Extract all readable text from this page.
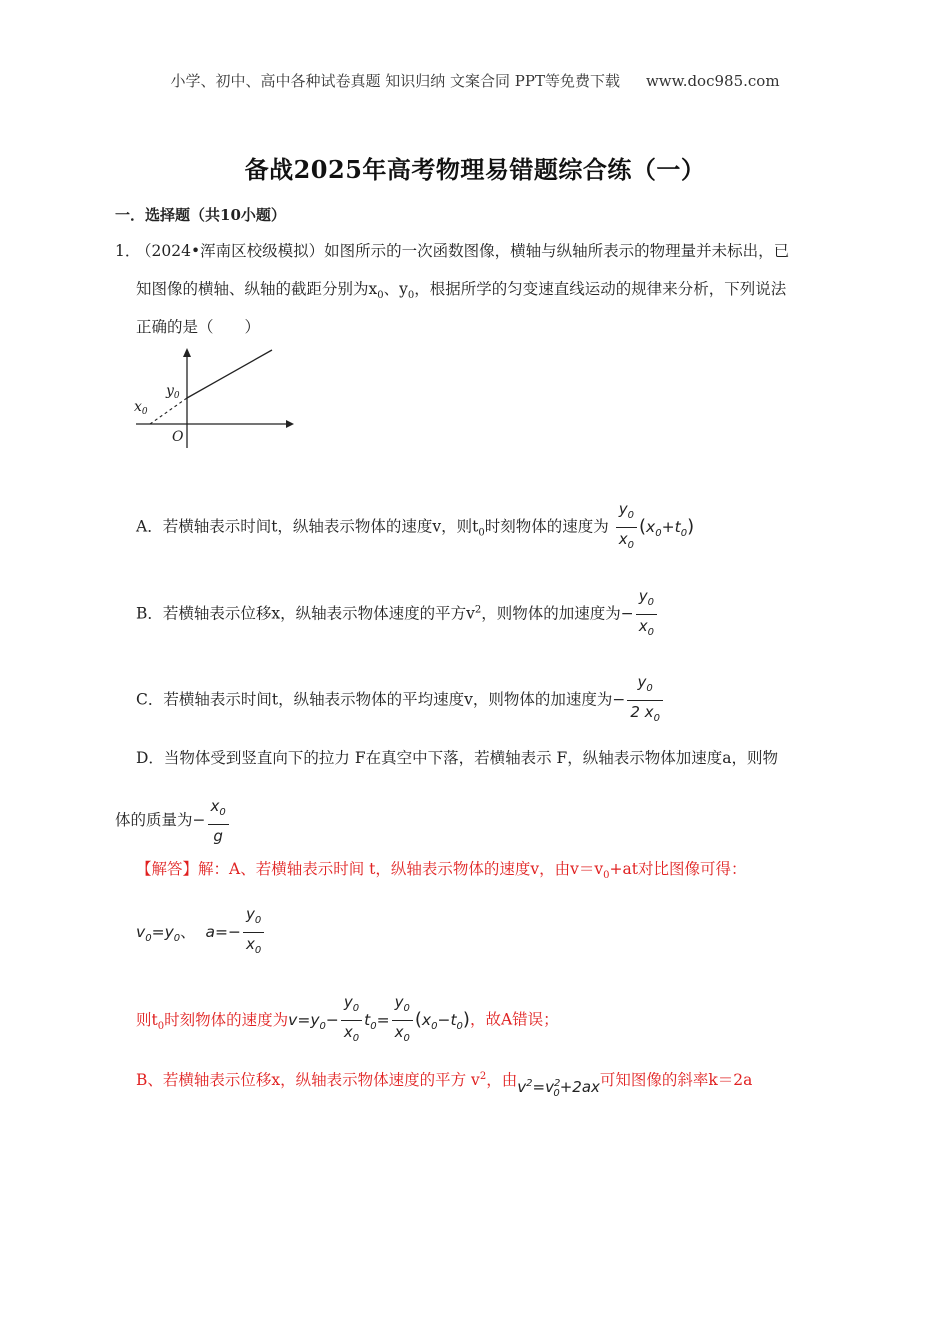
小学、初中、高中各种试卷真题 知识归纳 文案合同 PPT等免费下载 www.doc985.com
备战2025年高考物理易错题综合练（一）
一．选择题（共10小题）
1．
（2024•浑南区校级模拟）如图所示的一次函数图像，横轴与纵轴所表示的物理量并未标出，已
知图像的横轴、纵轴的截距分别为$x_0$、$y_0$，根据所学的匀变速直线运动的规律来分析，下列说法
正确的是（　　）
$y_0$
$x_0$
O
A．若横轴表示时间t，纵轴表示物体的速度v，则$t_0$时刻物体的速度为 $\frac{y_0}{x_0} (x_0+t_0)$
B．若横轴表示位移x，纵轴表示物体速度的平方$v^2$，则物体的加速度为− $\frac{y_0}{x_0}$
C．若横轴表示时间t，纵轴表示物体的平均速度v，则物体的加速度为− $\frac{y_0}{2 x_0}$
D．当物体受到竖直向下的拉力 F在真空中下落，若横轴表示 F，纵轴表示物体加速度a，则物
体的质量为− $\frac{x_0}{g}$
【解答】解：A、若横轴表示时间 t，纵轴表示物体的速度v，由$v=v_0+at$对比图像可得：
$v_0=y_0$、  $a=- \frac{y_0}{x_0}$
则$t_0$时刻物体的速度为$v=y_0- \frac{y_0}{x_0} t_0= \frac{y_0}{x_0} (x_0-t_0)$，故A错误；
B、若横轴表示位移x，纵轴表示物体速度的平方 $v^2$，由$v^2=v^2_0+2ax$可知图像的斜率k＝2a
